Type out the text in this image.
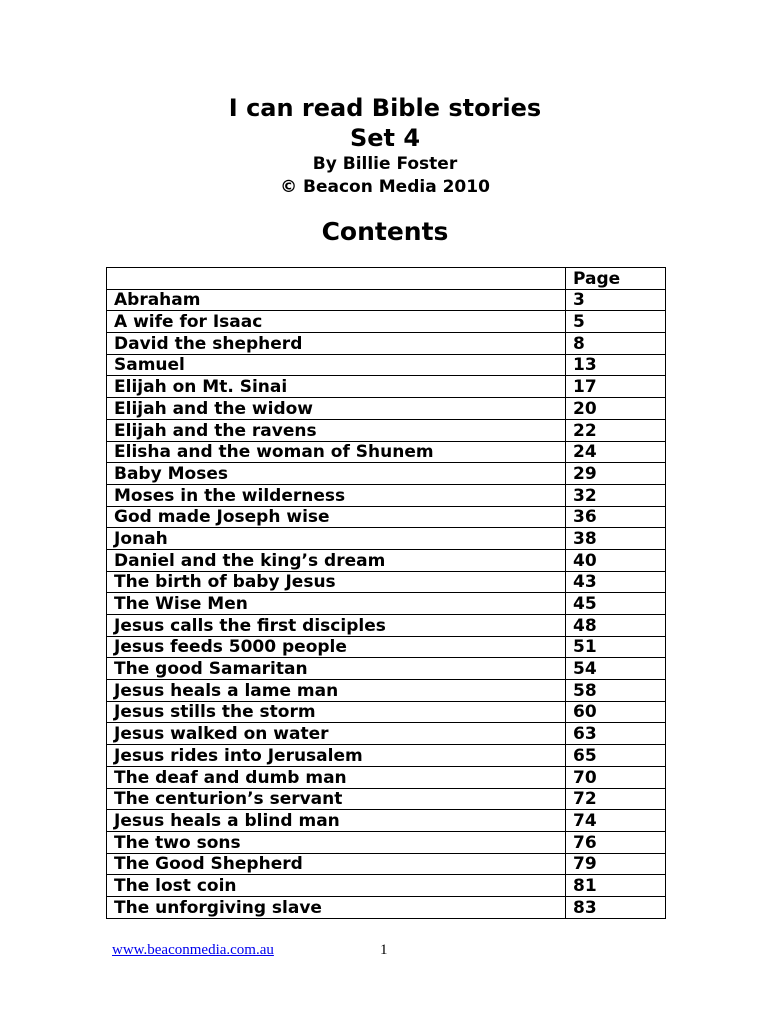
I can read Bible stories
Set 4
By Billie Foster
© Beacon Media 2010
Contents
	Page
Abraham	3
A wife for Isaac	5
David the shepherd	8
Samuel	13
Elijah on Mt. Sinai	17
Elijah and the widow	20
Elijah and the ravens	22
Elisha and the woman of Shunem	24
Baby Moses	29
Moses in the wilderness	32
God made Joseph wise	36
Jonah	38
Daniel and the king’s dream	40
The birth of baby Jesus	43
The Wise Men	45
Jesus calls the first disciples	48
Jesus feeds 5000 people	51
The good Samaritan	54
Jesus heals a lame man	58
Jesus stills the storm	60
Jesus walked on water	63
Jesus rides into Jerusalem	65
The deaf and dumb man	70
The centurion’s servant	72
Jesus heals a blind man	74
The two sons	76
The Good Shepherd	79
The lost coin	81
The unforgiving slave	83
www.beaconmedia.com.au	1
